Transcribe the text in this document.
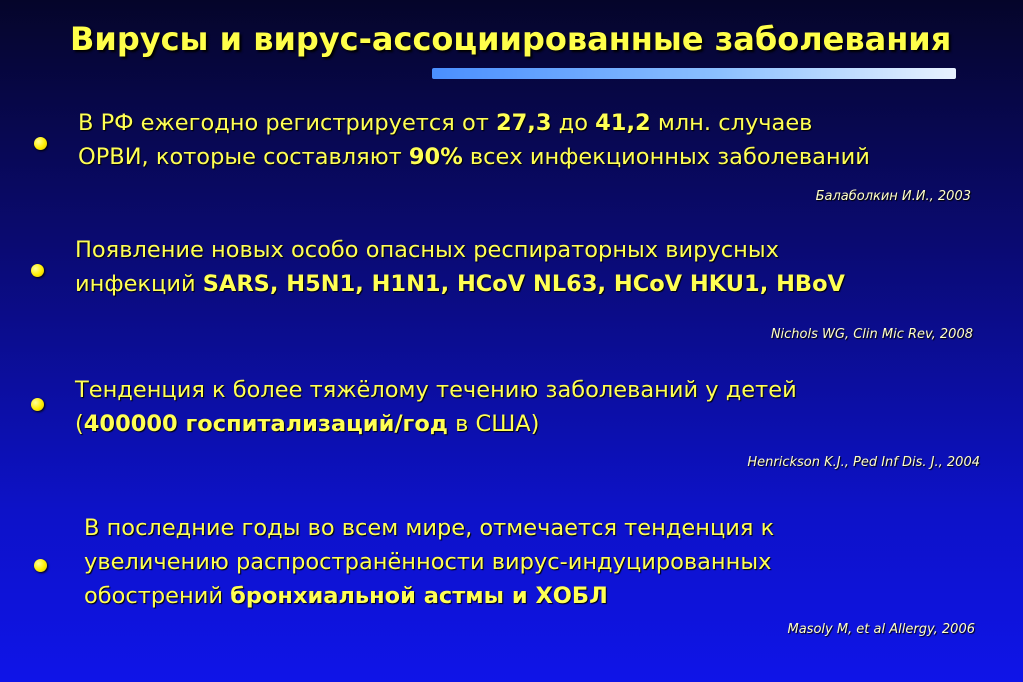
Вирусы и вирус-ассоциированные заболевания
В РФ ежегодно регистрируется от 27,3 до 41,2 млн. случаев
ОРВИ, которые составляют 90% всех инфекционных заболеваний
Балаболкин И.И., 2003
Появление новых особо опасных респираторных вирусных
инфекций SARS, H5N1, H1N1, HCoV NL63, HCoV HKU1, HBoV
Nichols WG, Clin Mic Rev, 2008
Тенденция к более тяжёлому течению заболеваний у детей
(400000 госпитализаций/год в США)
Henrickson K.J., Ped Inf Dis. J., 2004
В последние годы во всем мире, отмечается тенденция к
увеличению распространённости вирус-индуцированных
обострений бронхиальной астмы и ХОБЛ
Masoly M, et al Allergy, 2006
